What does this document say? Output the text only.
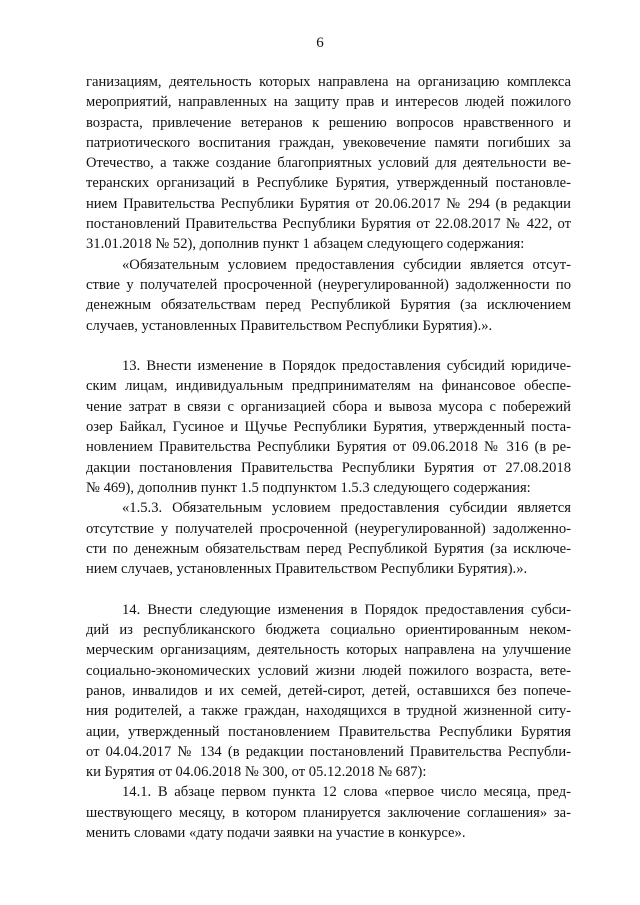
6
ганизациям, деятельность которых направлена на организацию комплекса
мероприятий, направленных на защиту прав и интересов людей пожилого
возраста, привлечение ветеранов к решению вопросов нравственного и
патриотического воспитания граждан, увековечение памяти погибших за
Отечество, а также создание благоприятных условий для деятельности ве-
теранских организаций в Республике Бурятия, утвержденный постановле-
нием Правительства Республики Бурятия от 20.06.2017 № 294 (в редакции
постановлений Правительства Республики Бурятия от 22.08.2017 № 422, от
31.01.2018 № 52), дополнив пункт 1 абзацем следующего содержания:
«Обязательным условием предоставления субсидии является отсут-
ствие у получателей просроченной (неурегулированной) задолженности по
денежным обязательствам перед Республикой Бурятия (за исключением
случаев, установленных Правительством Республики Бурятия).».
13. Внести изменение в Порядок предоставления субсидий юридиче-
ским лицам, индивидуальным предпринимателям на финансовое обеспе-
чение затрат в связи с организацией сбора и вывоза мусора с побережий
озер Байкал, Гусиное и Щучье Республики Бурятия, утвержденный поста-
новлением Правительства Республики Бурятия от 09.06.2018 № 316 (в ре-
дакции постановления Правительства Республики Бурятия от 27.08.2018
№ 469), дополнив пункт 1.5 подпунктом 1.5.3 следующего содержания:
«1.5.3. Обязательным условием предоставления субсидии является
отсутствие у получателей просроченной (неурегулированной) задолженно-
сти по денежным обязательствам перед Республикой Бурятия (за исключе-
нием случаев, установленных Правительством Республики Бурятия).».
14. Внести следующие изменения в Порядок предоставления субси-
дий из республиканского бюджета социально ориентированным неком-
мерческим организациям, деятельность которых направлена на улучшение
социально-экономических условий жизни людей пожилого возраста, вете-
ранов, инвалидов и их семей, детей-сирот, детей, оставшихся без попече-
ния родителей, а также граждан, находящихся в трудной жизненной ситу-
ации, утвержденный постановлением Правительства Республики Бурятия
от 04.04.2017 № 134 (в редакции постановлений Правительства Республи-
ки Бурятия от 04.06.2018 № 300, от 05.12.2018 № 687):
14.1. В абзаце первом пункта 12 слова «первое число месяца, пред-
шествующего месяцу, в котором планируется заключение соглашения» за-
менить словами «дату подачи заявки на участие в конкурсе».
